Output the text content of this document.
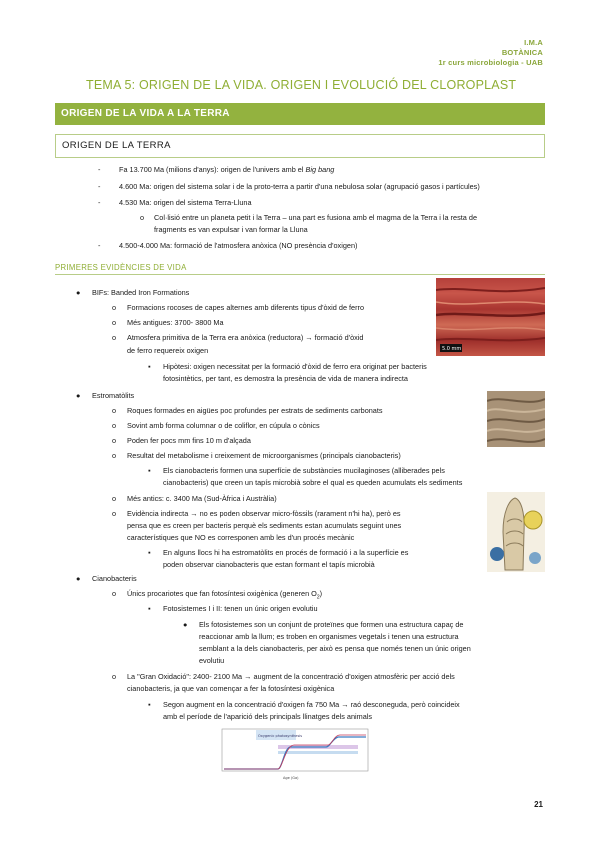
I.M.A
BOTÀNICA
1r curs microbiologia - UAB
TEMA 5: ORIGEN DE LA VIDA. ORIGEN I EVOLUCIÓ DEL CLOROPLAST
ORIGEN DE LA VIDA A LA TERRA
ORIGEN DE LA TERRA
-	Fa 13.700 Ma (milions d'anys): origen de l'univers amb el Big bang
-	4.600 Ma: origen del sistema solar i de la proto-terra a partir d'una nebulosa solar (agrupació gasos i partícules)
-	4.530 Ma: origen del sistema Terra-Lluna
o Col·lisió entre un planeta petit i la Terra – una part es fusiona amb el magma de la Terra i la resta de
fragments es van expulsar i van formar la Lluna
-	4.500-4.000 Ma: formació de l'atmosfera anòxica (NO presència d'oxigen)
PRIMERES EVIDÈNCIES DE VIDA
● BIFs: Banded Iron Formations
o Formacions rocoses de capes alternes amb diferents tipus d'òxid de ferro
o Més antigues: 3700- 3800 Ma
o Atmosfera primitiva de la Terra era anòxica (reductora) → formació d'òxid
de ferro requereix oxigen
▪ Hipòtesi: oxigen necessitat per la formació d'òxid de ferro era originat per bacteris
fotosintètics, per tant, es demostra la presència de vida de manera indirecta
5.0 mm
● Estromatòlits
o Roques formades en aigües poc profundes per estrats de sediments carbonats
o Sovint amb forma columnar o de coliflor, en cúpula o cònics
o Poden fer pocs mm fins 10 m d'alçada
o Resultat del metabolisme i creixement de microorganismes (principals cianobacteris)
▪ Els cianobacteris formen una superfície de substàncies mucilaginoses (alliberades pels
cianobacteris) que creen un tapís microbià sobre el qual es queden acumulats els sediments
o Més antics: c. 3400 Ma (Sud-Àfrica i Austràlia)
o Evidència indirecta → no es poden observar micro-fòssils (rarament n'hi ha), però es
pensa que es creen per bacteris perquè els sediments estan acumulats seguint unes
característiques que NO es corresponen amb les d'un procés mecànic
▪ En alguns llocs hi ha estromatòlits en procés de formació i a la superfície es
poden observar cianobacteris que estan formant el tapís microbià
● Cianobacteris
o Únics procariotes que fan fotosíntesi oxigènica (generen $O_2$)
▪ Fotosistemes I i II: tenen un únic origen evolutiu
● Els fotosistemes son un conjunt de proteïnes que formen una estructura capaç de
reaccionar amb la llum; es troben en organismes vegetals i tenen una estructura
semblant a la dels cianobacteris, per això es pensa que només tenen un únic origen
evolutiu
o La "Gran Oxidació": 2400- 2100 Ma → augment de la concentració d'oxigen atmosfèric per acció dels
cianobacteris, ja que van començar a fer la fotosíntesi oxigènica
▪ Segon augment en la concentració d'oxigen fa 750 Ma → raó desconeguda, però coincideix
amb el període de l'aparició dels principals llinatges dels animals
Oxygenic photosynthesis
Age (Ga)
21
